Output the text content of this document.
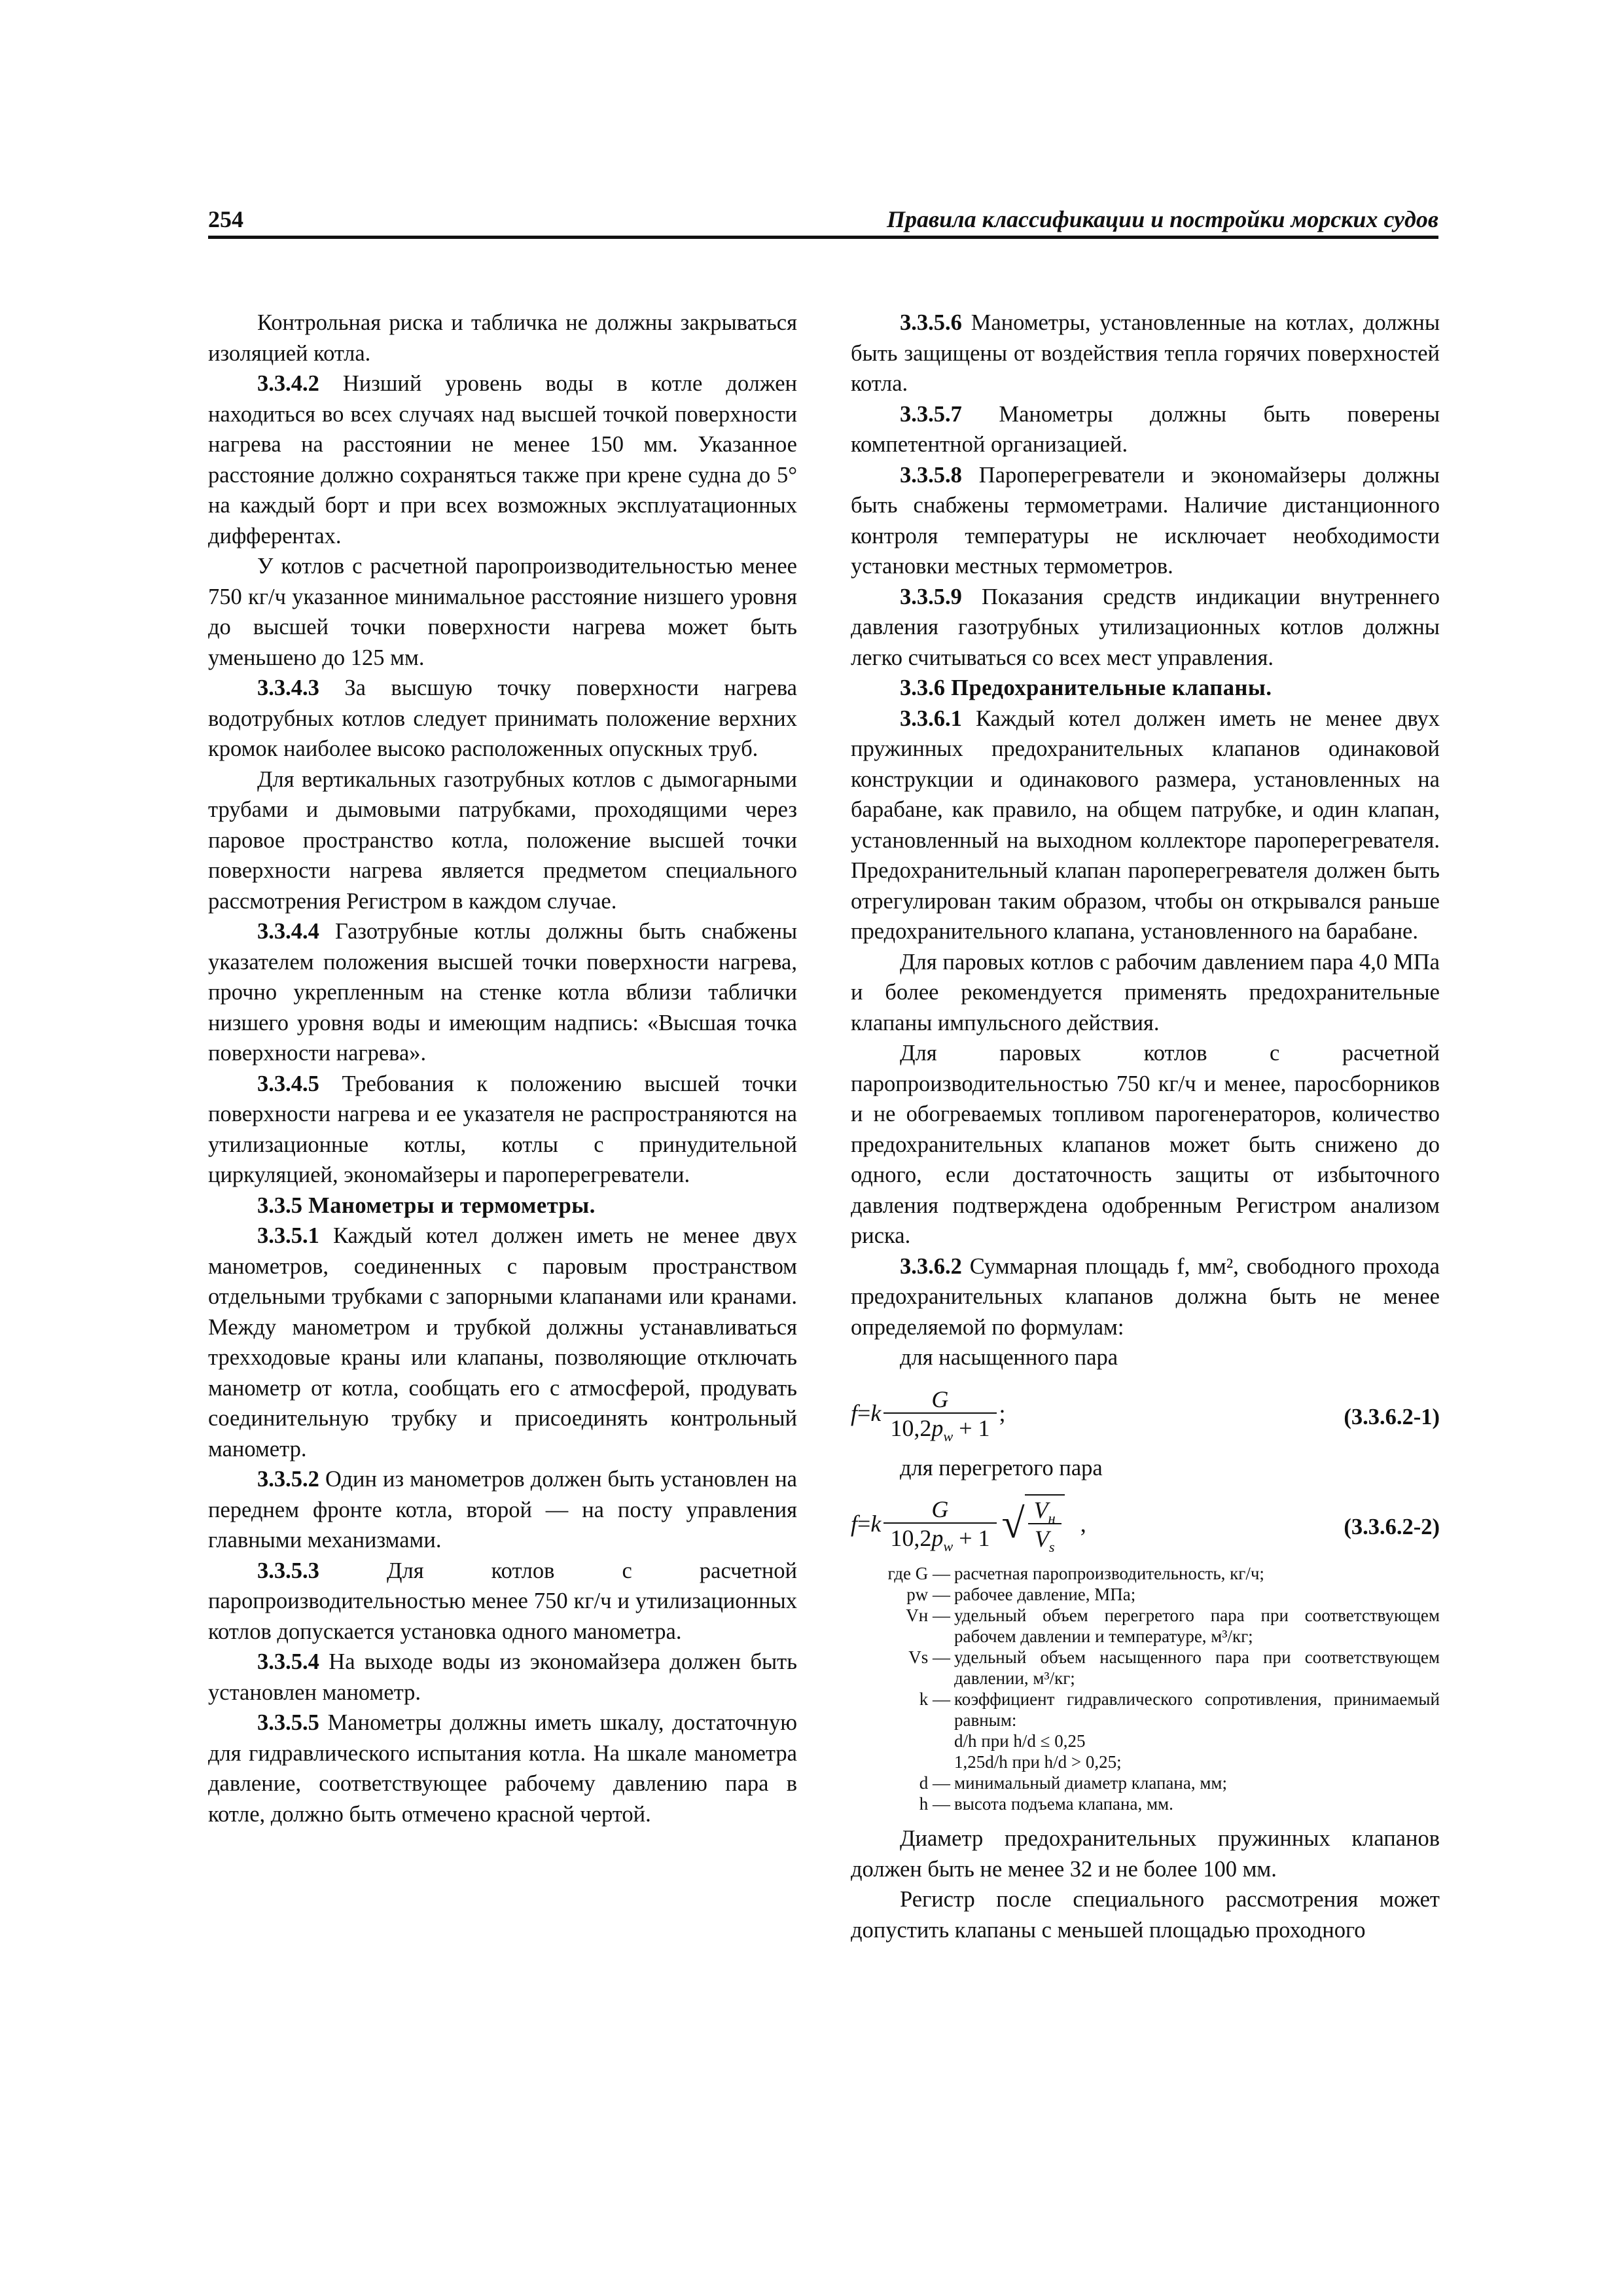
254	Правила классификации и постройки морских судов
Контрольная риска и табличка не должны закрываться изоляцией котла.
3.3.4.2 Низший уровень воды в котле должен находиться во всех случаях над высшей точкой поверхности нагрева на расстоянии не менее 150 мм. Указанное расстояние должно сохраняться также при крене судна до 5° на каждый борт и при всех возможных эксплуатационных дифферентах.
У котлов с расчетной паропроизводительностью менее 750 кг/ч указанное минимальное расстояние низшего уровня до высшей точки поверхности нагрева может быть уменьшено до 125 мм.
3.3.4.3 За высшую точку поверхности нагрева водотрубных котлов следует принимать положение верхних кромок наиболее высоко расположенных опускных труб.
Для вертикальных газотрубных котлов с дымогарными трубами и дымовыми патрубками, проходящими через паровое пространство котла, положение высшей точки поверхности нагрева является предметом специального рассмотрения Регистром в каждом случае.
3.3.4.4 Газотрубные котлы должны быть снабжены указателем положения высшей точки поверхности нагрева, прочно укрепленным на стенке котла вблизи таблички низшего уровня воды и имеющим надпись: «Высшая точка поверхности нагрева».
3.3.4.5 Требования к положению высшей точки поверхности нагрева и ее указателя не распространяются на утилизационные котлы, котлы с принудительной циркуляцией, экономайзеры и пароперегреватели.
3.3.5 Манометры и термометры.
3.3.5.1 Каждый котел должен иметь не менее двух манометров, соединенных с паровым пространством отдельными трубками с запорными клапанами или кранами. Между манометром и трубкой должны устанавливаться трехходовые краны или клапаны, позволяющие отключать манометр от котла, сообщать его с атмосферой, продувать соединительную трубку и присоединять контрольный манометр.
3.3.5.2 Один из манометров должен быть установлен на переднем фронте котла, второй — на посту управления главными механизмами.
3.3.5.3 Для котлов с расчетной паропроизводительностью менее 750 кг/ч и утилизационных котлов допускается установка одного манометра.
3.3.5.4 На выходе воды из экономайзера должен быть установлен манометр.
3.3.5.5 Манометры должны иметь шкалу, достаточную для гидравлического испытания котла. На шкале манометра давление, соответствующее рабочему давлению пара в котле, должно быть отмечено красной чертой.
3.3.5.6 Манометры, установленные на котлах, должны быть защищены от воздействия тепла горячих поверхностей котла.
3.3.5.7 Манометры должны быть поверены компетентной организацией.
3.3.5.8 Пароперегреватели и экономайзеры должны быть снабжены термометрами. Наличие дистанционного контроля температуры не исключает необходимости установки местных термометров.
3.3.5.9 Показания средств индикации внутреннего давления газотрубных утилизационных котлов должны легко считываться со всех мест управления.
3.3.6 Предохранительные клапаны.
3.3.6.1 Каждый котел должен иметь не менее двух пружинных предохранительных клапанов одинаковой конструкции и одинакового размера, установленных на барабане, как правило, на общем патрубке, и один клапан, установленный на выходном коллекторе пароперегревателя. Предохранительный клапан пароперегревателя должен быть отрегулирован таким образом, чтобы он открывался раньше предохранительного клапана, установленного на барабане.
Для паровых котлов с рабочим давлением пара 4,0 МПа и более рекомендуется применять предохранительные клапаны импульсного действия.
Для паровых котлов с расчетной паропроизводительностью 750 кг/ч и менее, паросборников и не обогреваемых топливом парогенераторов, количество предохранительных клапанов может быть снижено до одного, если достаточность защиты от избыточного давления подтверждена одобренным Регистром анализом риска.
3.3.6.2 Суммарная площадь f, мм², свободного прохода предохранительных клапанов должна быть не менее определяемой по формулам:
для насыщенного пара
f = k $\frac{G}{10,2p_w + 1}$ ;	(3.3.6.2-1)
для перегретого пара
f = k $\frac{G}{10,2p_w + 1}$ √ $\frac{V_н}{V_s}$ ,	(3.3.6.2-2)
где G — расчетная паропроизводительность, кг/ч;
pw — рабочее давление, МПа;
Vн — удельный объем перегретого пара при соответствующем рабочем давлении и температуре, м³/кг;
Vs — удельный объем насыщенного пара при соответствующем давлении, м³/кг;
k — коэффициент гидравлического сопротивления, принимаемый равным:
d/h при h/d ≤ 0,25
1,25d/h при h/d > 0,25;
d — минимальный диаметр клапана, мм;
h — высота подъема клапана, мм.
Диаметр предохранительных пружинных клапанов должен быть не менее 32 и не более 100 мм.
Регистр после специального рассмотрения может допустить клапаны с меньшей площадью проходного
